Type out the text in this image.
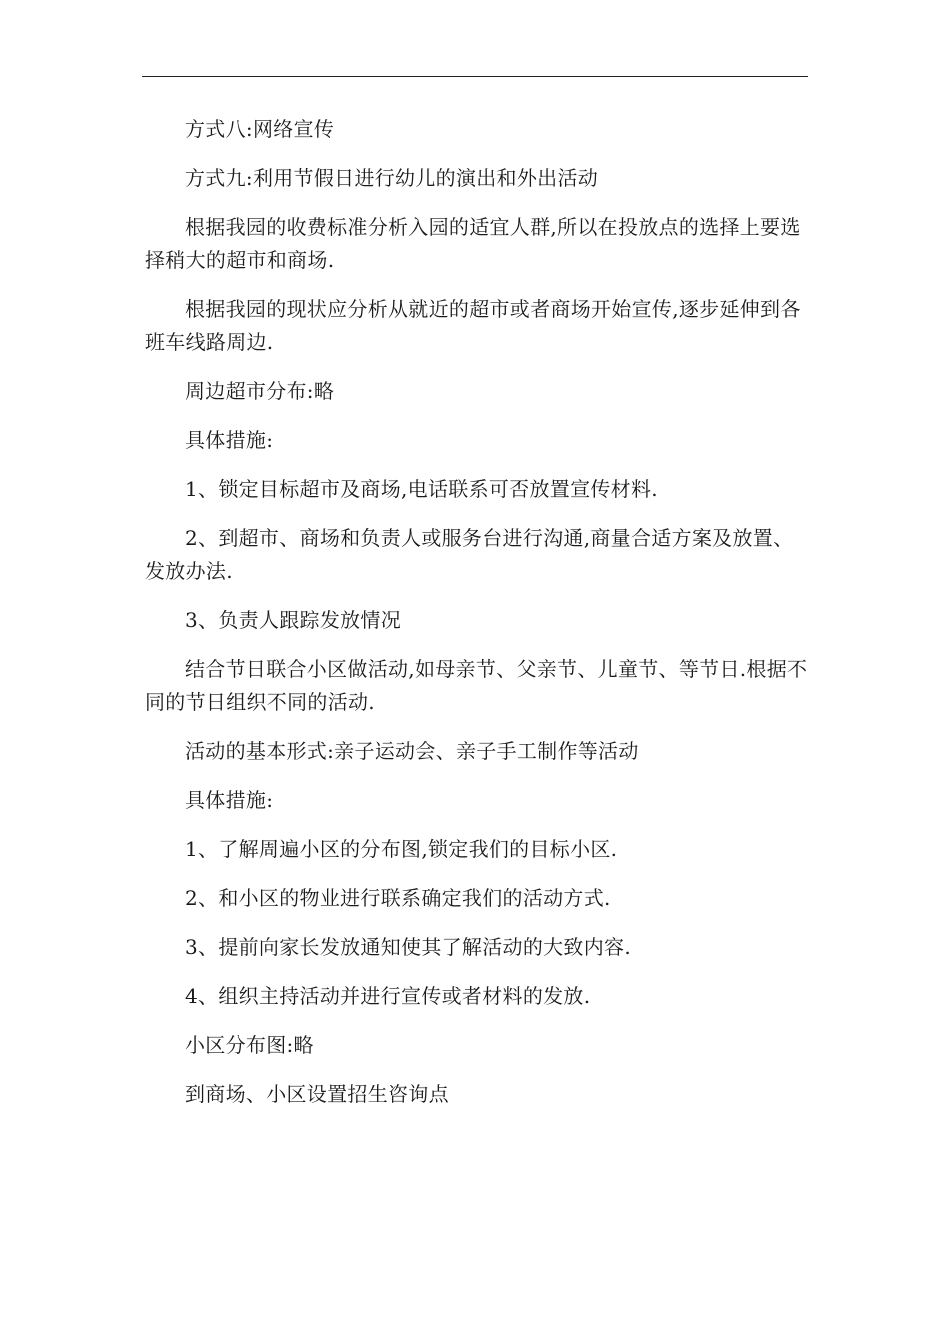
方式八:网络宣传

方式九:利用节假日进行幼儿的演出和外出活动

根据我园的收费标准分析入园的适宜人群,所以在投放点的选择上要选择稍大的超市和商场.

根据我园的现状应分析从就近的超市或者商场开始宣传,逐步延伸到各班车线路周边.

周边超市分布:略

具体措施:

1、锁定目标超市及商场,电话联系可否放置宣传材料.

2、到超市、商场和负责人或服务台进行沟通,商量合适方案及放置、发放办法.

3、负责人跟踪发放情况

结合节日联合小区做活动,如母亲节、父亲节、儿童节、等节日.根据不同的节日组织不同的活动.

活动的基本形式:亲子运动会、亲子手工制作等活动

具体措施:

1、了解周遍小区的分布图,锁定我们的目标小区.

2、和小区的物业进行联系确定我们的活动方式.

3、提前向家长发放通知使其了解活动的大致内容.

4、组织主持活动并进行宣传或者材料的发放.

小区分布图:略

到商场、小区设置招生咨询点
